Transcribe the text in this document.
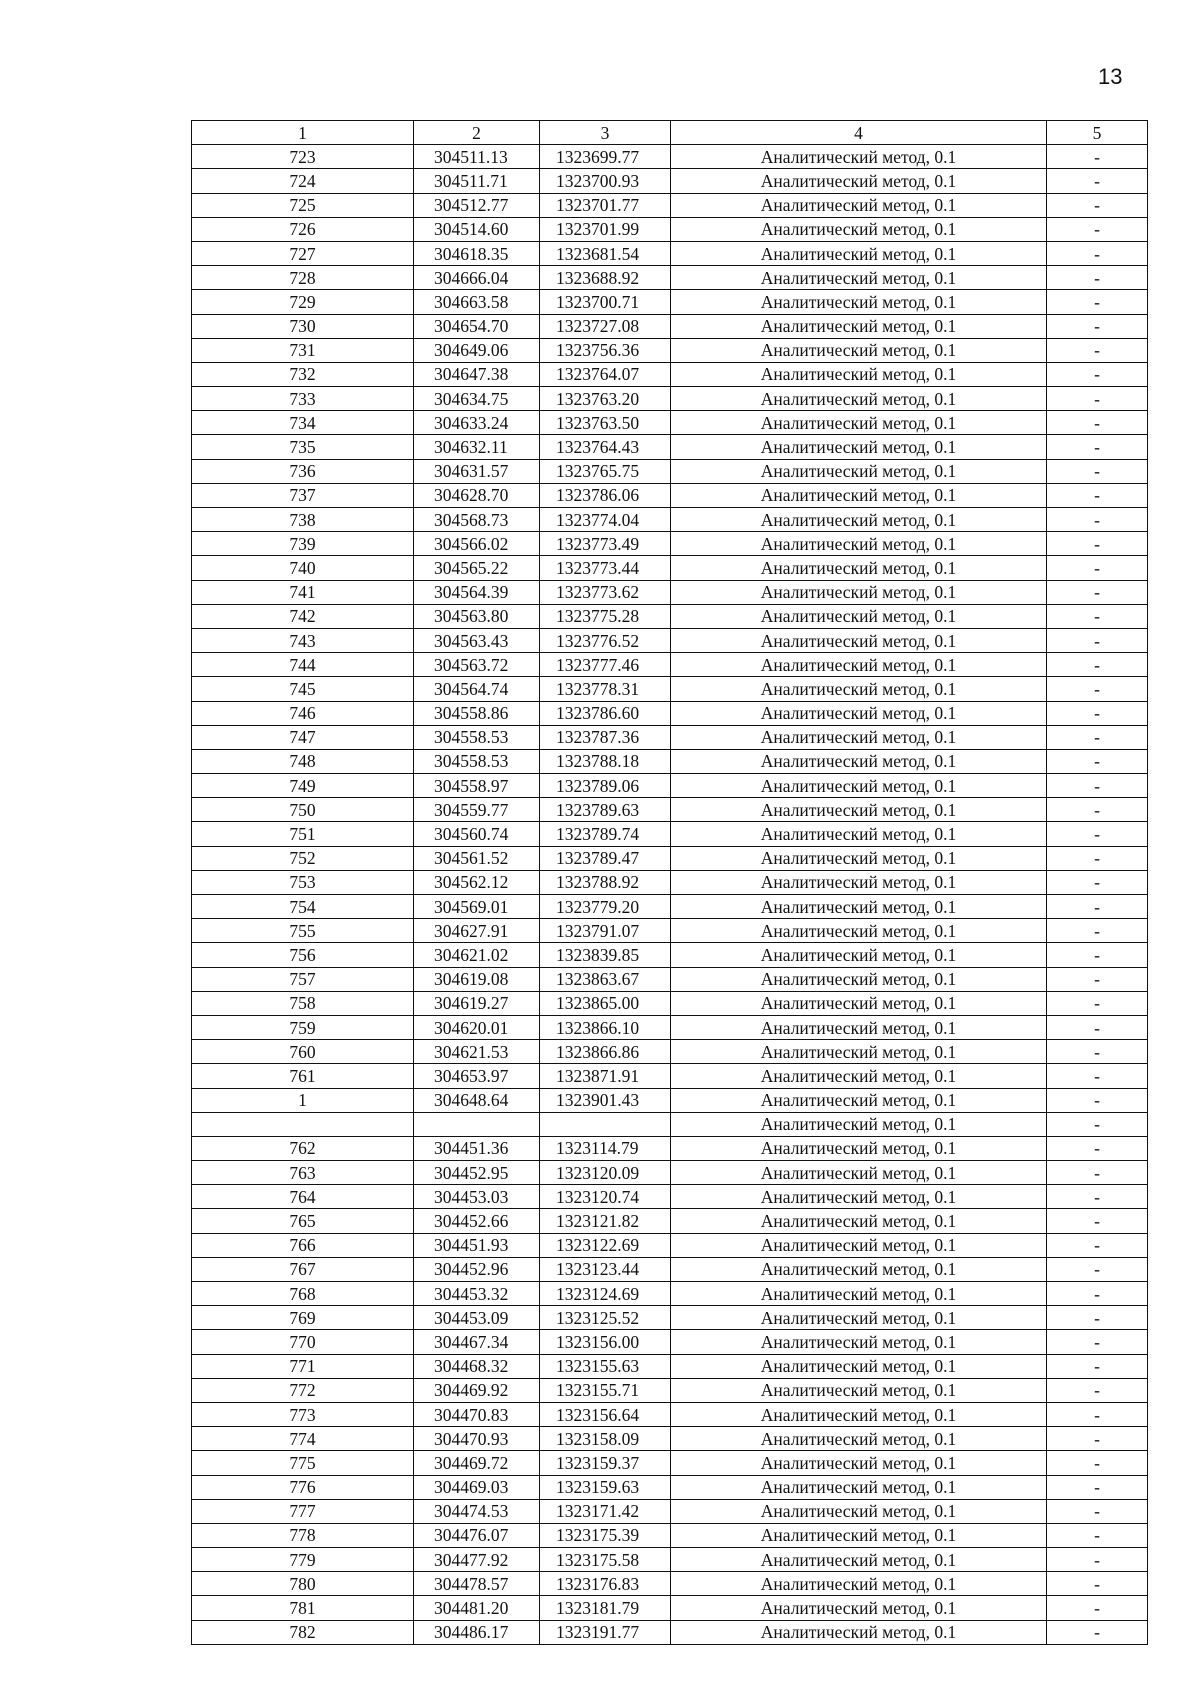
13
1	2	3	4	5
723	304511.13	1323699.77	Аналитический метод, 0.1	-
724	304511.71	1323700.93	Аналитический метод, 0.1	-
725	304512.77	1323701.77	Аналитический метод, 0.1	-
726	304514.60	1323701.99	Аналитический метод, 0.1	-
727	304618.35	1323681.54	Аналитический метод, 0.1	-
728	304666.04	1323688.92	Аналитический метод, 0.1	-
729	304663.58	1323700.71	Аналитический метод, 0.1	-
730	304654.70	1323727.08	Аналитический метод, 0.1	-
731	304649.06	1323756.36	Аналитический метод, 0.1	-
732	304647.38	1323764.07	Аналитический метод, 0.1	-
733	304634.75	1323763.20	Аналитический метод, 0.1	-
734	304633.24	1323763.50	Аналитический метод, 0.1	-
735	304632.11	1323764.43	Аналитический метод, 0.1	-
736	304631.57	1323765.75	Аналитический метод, 0.1	-
737	304628.70	1323786.06	Аналитический метод, 0.1	-
738	304568.73	1323774.04	Аналитический метод, 0.1	-
739	304566.02	1323773.49	Аналитический метод, 0.1	-
740	304565.22	1323773.44	Аналитический метод, 0.1	-
741	304564.39	1323773.62	Аналитический метод, 0.1	-
742	304563.80	1323775.28	Аналитический метод, 0.1	-
743	304563.43	1323776.52	Аналитический метод, 0.1	-
744	304563.72	1323777.46	Аналитический метод, 0.1	-
745	304564.74	1323778.31	Аналитический метод, 0.1	-
746	304558.86	1323786.60	Аналитический метод, 0.1	-
747	304558.53	1323787.36	Аналитический метод, 0.1	-
748	304558.53	1323788.18	Аналитический метод, 0.1	-
749	304558.97	1323789.06	Аналитический метод, 0.1	-
750	304559.77	1323789.63	Аналитический метод, 0.1	-
751	304560.74	1323789.74	Аналитический метод, 0.1	-
752	304561.52	1323789.47	Аналитический метод, 0.1	-
753	304562.12	1323788.92	Аналитический метод, 0.1	-
754	304569.01	1323779.20	Аналитический метод, 0.1	-
755	304627.91	1323791.07	Аналитический метод, 0.1	-
756	304621.02	1323839.85	Аналитический метод, 0.1	-
757	304619.08	1323863.67	Аналитический метод, 0.1	-
758	304619.27	1323865.00	Аналитический метод, 0.1	-
759	304620.01	1323866.10	Аналитический метод, 0.1	-
760	304621.53	1323866.86	Аналитический метод, 0.1	-
761	304653.97	1323871.91	Аналитический метод, 0.1	-
1	304648.64	1323901.43	Аналитический метод, 0.1	-
			Аналитический метод, 0.1	-
762	304451.36	1323114.79	Аналитический метод, 0.1	-
763	304452.95	1323120.09	Аналитический метод, 0.1	-
764	304453.03	1323120.74	Аналитический метод, 0.1	-
765	304452.66	1323121.82	Аналитический метод, 0.1	-
766	304451.93	1323122.69	Аналитический метод, 0.1	-
767	304452.96	1323123.44	Аналитический метод, 0.1	-
768	304453.32	1323124.69	Аналитический метод, 0.1	-
769	304453.09	1323125.52	Аналитический метод, 0.1	-
770	304467.34	1323156.00	Аналитический метод, 0.1	-
771	304468.32	1323155.63	Аналитический метод, 0.1	-
772	304469.92	1323155.71	Аналитический метод, 0.1	-
773	304470.83	1323156.64	Аналитический метод, 0.1	-
774	304470.93	1323158.09	Аналитический метод, 0.1	-
775	304469.72	1323159.37	Аналитический метод, 0.1	-
776	304469.03	1323159.63	Аналитический метод, 0.1	-
777	304474.53	1323171.42	Аналитический метод, 0.1	-
778	304476.07	1323175.39	Аналитический метод, 0.1	-
779	304477.92	1323175.58	Аналитический метод, 0.1	-
780	304478.57	1323176.83	Аналитический метод, 0.1	-
781	304481.20	1323181.79	Аналитический метод, 0.1	-
782	304486.17	1323191.77	Аналитический метод, 0.1	-
